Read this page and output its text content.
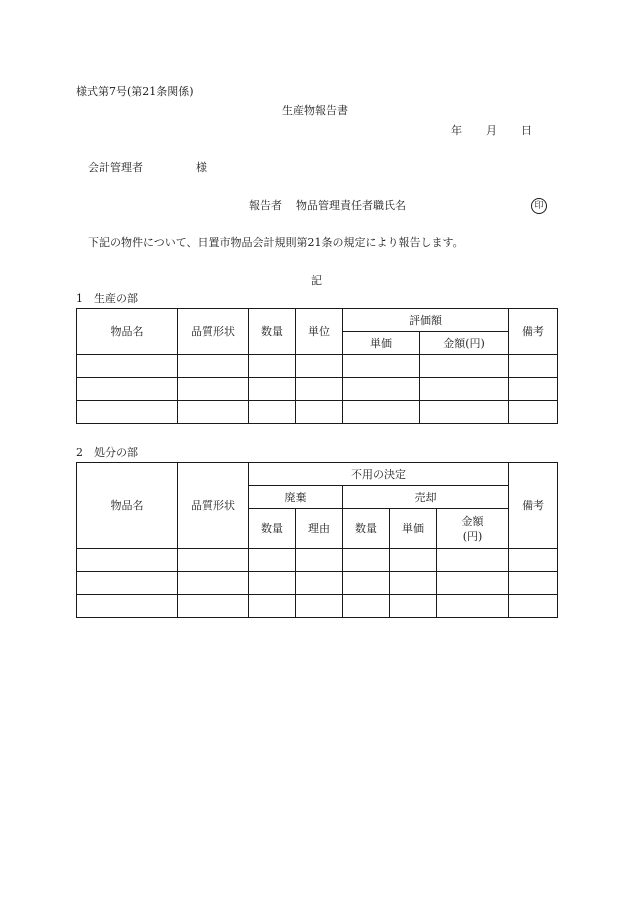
様式第7号(第21条関係)
生産物報告書
年 月 日
会計管理者	様
報告者 物品管理責任者職氏名	印
下記の物件について、日置市物品会計規則第21条の規定により報告します。
記
1　生産の部
物品名	品質形状	数量	単位	評価額		備考
				単価	金額(円)	

2　処分の部
物品名	品質形状	不用の決定					備考
		廃棄		売却			
		数量	理由	数量	単価	金額
(円)	
